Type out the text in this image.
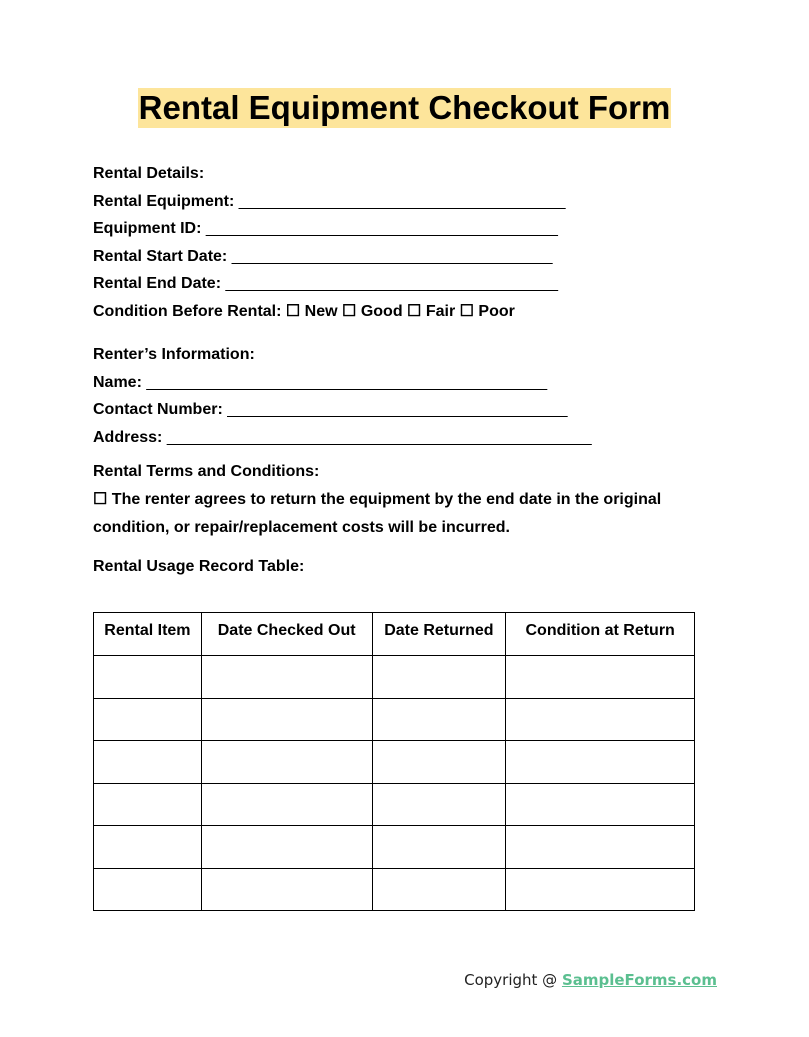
Rental Equipment Checkout Form
Rental Details:
Rental Equipment: ________________________________________
Equipment ID: ________________________________________
Rental Start Date: ________________________________________
Rental End Date: ________________________________________
Condition Before Rental: ☐ New ☐ Good ☐ Fair ☐ Poor
Renter’s Information:
Name: __________________________________________________
Contact Number: ________________________________________
Address: ________________________________________________
Rental Terms and Conditions:
☐ The renter agrees to return the equipment by the end date in the original condition, or repair/replacement costs will be incurred.
Rental Usage Record Table:
Rental Item	Date Checked Out	Date Returned	Condition at Return

Copyright @ SampleForms.com
